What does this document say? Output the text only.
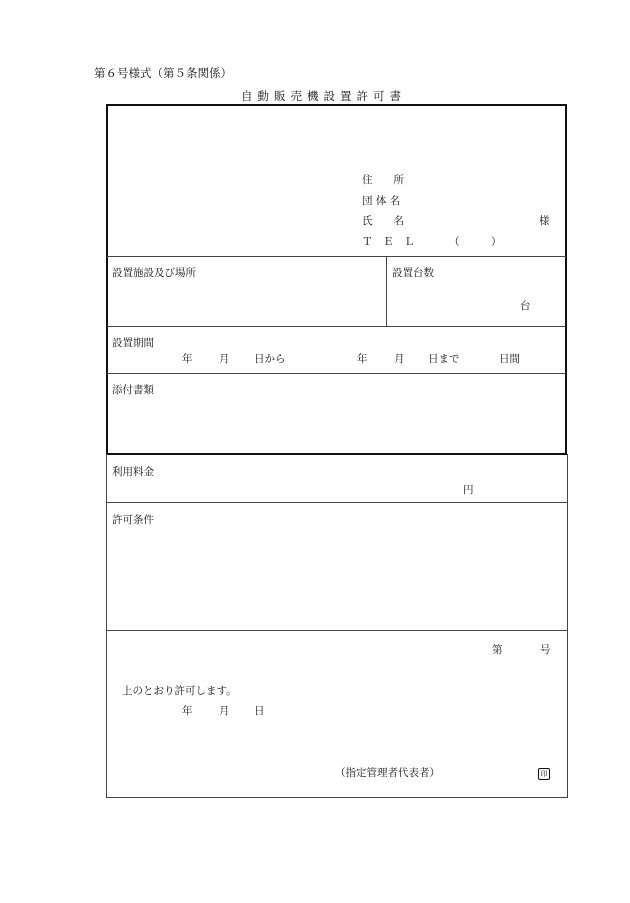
第６号様式（第５条関係）
自動販売機設置許可書
住　　所
団 体 名
氏　　名	様
Ｔ　Ｅ　Ｌ	（	）
設置施設及び場所	設置台数
台
設置期間
年	月 日から	年	月 日まで	日間
添付書類
利用料金
円
許可条件
第	号
上のとおり許可します。
年	月 日
（指定管理者代表者）	印
